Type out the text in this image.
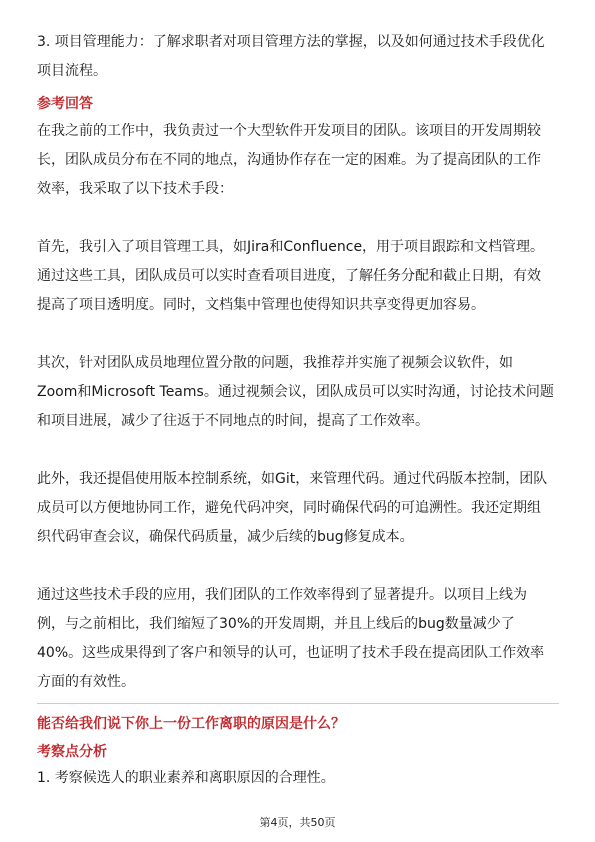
3. 项目管理能力：了解求职者对项目管理方法的掌握，以及如何通过技术手段优化
项目流程。

参考回答

在我之前的工作中，我负责过一个大型软件开发项目的团队。该项目的开发周期较
长，团队成员分布在不同的地点，沟通协作存在一定的困难。为了提高团队的工作
效率，我采取了以下技术手段：

首先，我引入了项目管理工具，如Jira和Confluence，用于项目跟踪和文档管理。
通过这些工具，团队成员可以实时查看项目进度，了解任务分配和截止日期，有效
提高了项目透明度。同时，文档集中管理也使得知识共享变得更加容易。

其次，针对团队成员地理位置分散的问题，我推荐并实施了视频会议软件，如
Zoom和Microsoft Teams。通过视频会议，团队成员可以实时沟通，讨论技术问题
和项目进展，减少了往返于不同地点的时间，提高了工作效率。

此外，我还提倡使用版本控制系统，如Git，来管理代码。通过代码版本控制，团队
成员可以方便地协同工作，避免代码冲突，同时确保代码的可追溯性。我还定期组
织代码审查会议，确保代码质量，减少后续的bug修复成本。

通过这些技术手段的应用，我们团队的工作效率得到了显著提升。以项目上线为
例，与之前相比，我们缩短了30%的开发周期，并且上线后的bug数量减少了
40%。这些成果得到了客户和领导的认可，也证明了技术手段在提高团队工作效率
方面的有效性。

能否给我们说下你上一份工作离职的原因是什么？

考察点分析

1. 考察候选人的职业素养和离职原因的合理性。

第4页，共50页
